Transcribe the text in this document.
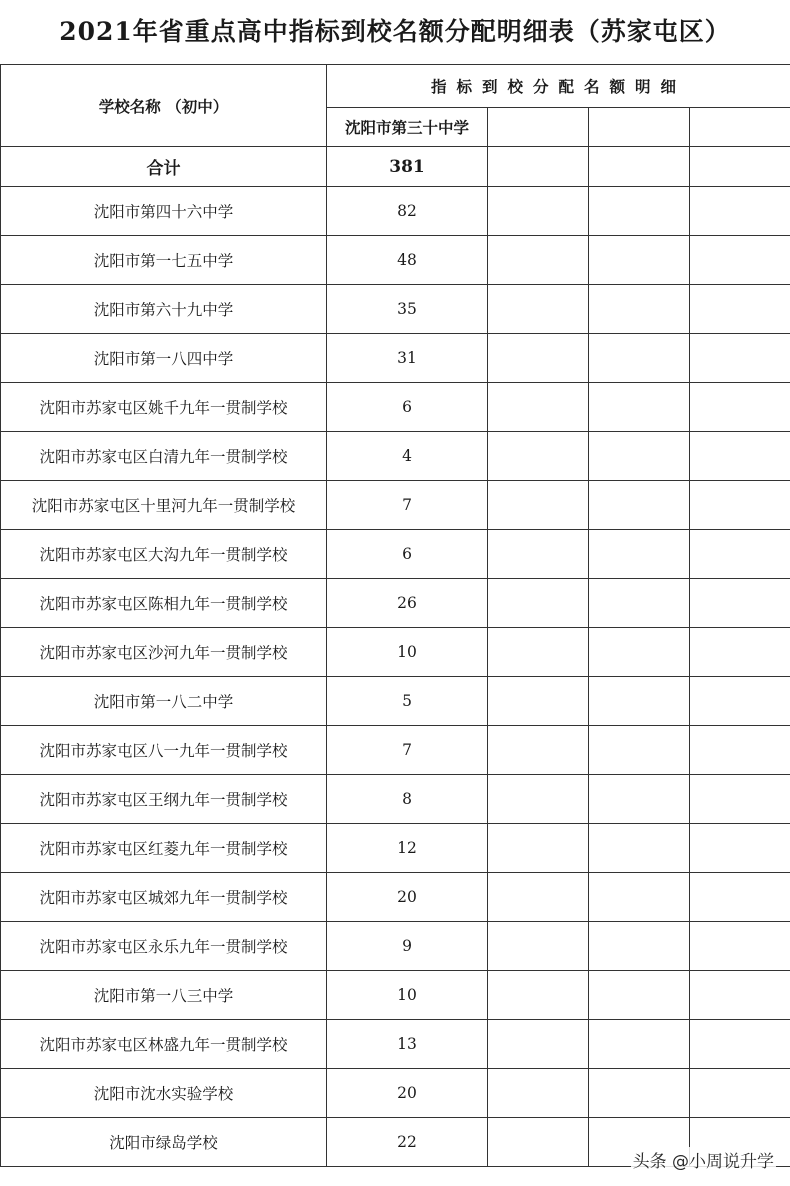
2021年省重点高中指标到校名额分配明细表（苏家屯区）
学校名称 （初中）	指标到校分配名额明细			
	沈阳市第三十中学			
合计	381			
沈阳市第四十六中学	82			
沈阳市第一七五中学	48			
沈阳市第六十九中学	35			
沈阳市第一八四中学	31			
沈阳市苏家屯区姚千九年一贯制学校	6			
沈阳市苏家屯区白清九年一贯制学校	4			
沈阳市苏家屯区十里河九年一贯制学校	7			
沈阳市苏家屯区大沟九年一贯制学校	6			
沈阳市苏家屯区陈相九年一贯制学校	26			
沈阳市苏家屯区沙河九年一贯制学校	10			
沈阳市第一八二中学	5			
沈阳市苏家屯区八一九年一贯制学校	7			
沈阳市苏家屯区王纲九年一贯制学校	8			
沈阳市苏家屯区红菱九年一贯制学校	12			
沈阳市苏家屯区城郊九年一贯制学校	20			
沈阳市苏家屯区永乐九年一贯制学校	9			
沈阳市第一八三中学	10			
沈阳市苏家屯区林盛九年一贯制学校	13			
沈阳市沈水实验学校	20			
沈阳市绿岛学校	22			
头条 @小周说升学
